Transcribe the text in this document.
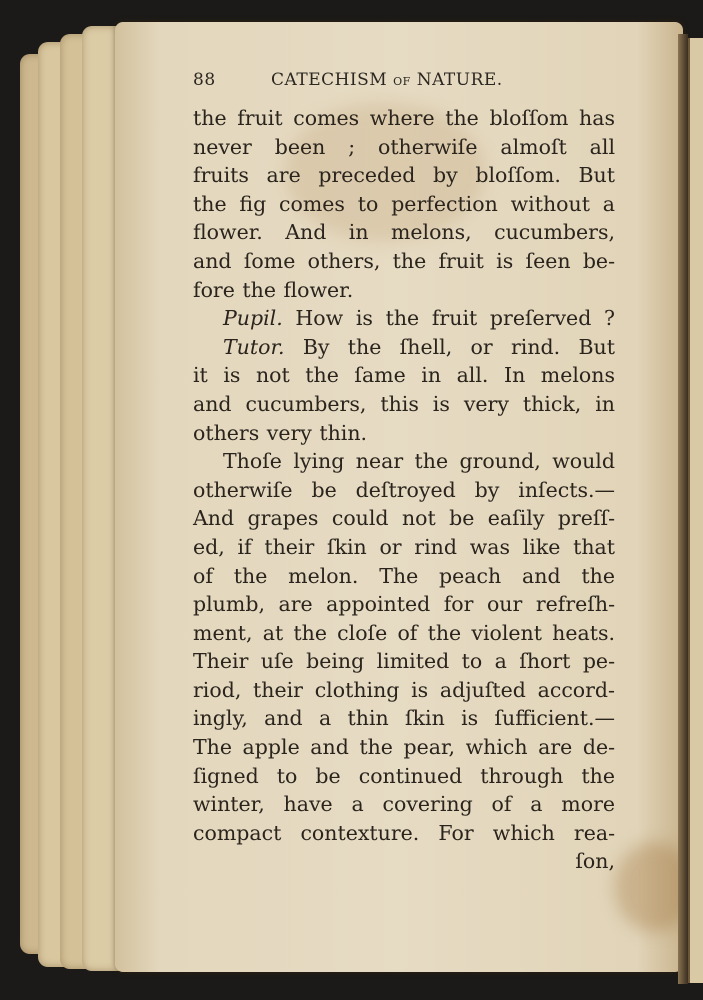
88	CATECHISM OF NATURE.
the fruit comes where the bloſſom has
never been ; otherwiſe almoſt all
fruits are preceded by bloſſom. But
the fig comes to perfection without a
flower. And in melons, cucumbers,
and ſome others, the fruit is ſeen be-
fore the flower.
Pupil. How is the fruit preſerved ?
Tutor. By the ſhell, or rind. But
it is not the ſame in all. In melons
and cucumbers, this is very thick, in
others very thin.
Thoſe lying near the ground, would
otherwiſe be deſtroyed by inſects.—
And grapes could not be eaſily preſſ-
ed, if their ſkin or rind was like that
of the melon. The peach and the
plumb, are appointed for our refreſh-
ment, at the cloſe of the violent heats.
Their uſe being limited to a ſhort pe-
riod, their clothing is adjuſted accord-
ingly, and a thin ſkin is ſufficient.—
The apple and the pear, which are de-
ſigned to be continued through the
winter, have a covering of a more
compact contexture. For which rea-
ſon,
